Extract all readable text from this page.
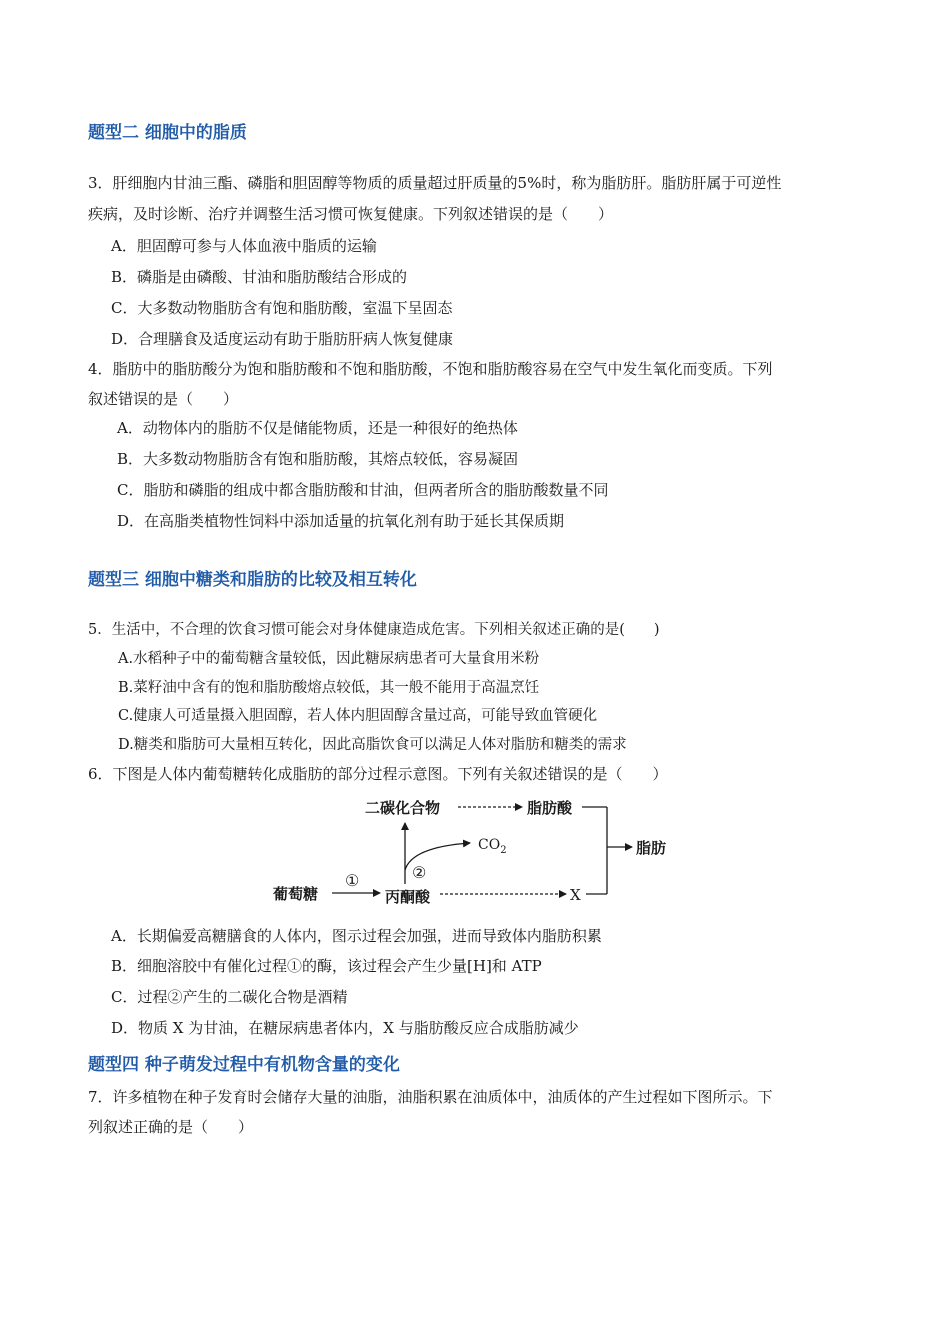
题型二 细胞中的脂质
3．肝细胞内甘油三酯、磷脂和胆固醇等物质的质量超过肝质量的5%时，称为脂肪肝。脂肪肝属于可逆性
疾病，及时诊断、治疗并调整生活习惯可恢复健康。下列叙述错误的是（　　）
A．胆固醇可参与人体血液中脂质的运输
B．磷脂是由磷酸、甘油和脂肪酸结合形成的
C．大多数动物脂肪含有饱和脂肪酸，室温下呈固态
D．合理膳食及适度运动有助于脂肪肝病人恢复健康
4．脂肪中的脂肪酸分为饱和脂肪酸和不饱和脂肪酸，不饱和脂肪酸容易在空气中发生氧化而变质。下列
叙述错误的是（　　）
A．动物体内的脂肪不仅是储能物质，还是一种很好的绝热体
B．大多数动物脂肪含有饱和脂肪酸，其熔点较低，容易凝固
C．脂肪和磷脂的组成中都含脂肪酸和甘油，但两者所含的脂肪酸数量不同
D．在高脂类植物性饲料中添加适量的抗氧化剂有助于延长其保质期
题型三 细胞中糖类和脂肪的比较及相互转化
5．生活中，不合理的饮食习惯可能会对身体健康造成危害。下列相关叙述正确的是(　　)
A.水稻种子中的葡萄糖含量较低，因此糖尿病患者可大量食用米粉
B.菜籽油中含有的饱和脂肪酸熔点较低，其一般不能用于高温烹饪
C.健康人可适量摄入胆固醇，若人体内胆固醇含量过高，可能导致血管硬化
D.糖类和脂肪可大量相互转化，因此高脂饮食可以满足人体对脂肪和糖类的需求
6．下图是人体内葡萄糖转化成脂肪的部分过程示意图。下列有关叙述错误的是（　　）
二碳化合物	脂肪酸
$CO_2$
②
①
脂肪
葡萄糖	丙酮酸	X
A．长期偏爱高糖膳食的人体内，图示过程会加强，进而导致体内脂肪积累
B．细胞溶胶中有催化过程①的酶，该过程会产生少量[H]和 ATP
C．过程②产生的二碳化合物是酒精
D．物质 X 为甘油，在糖尿病患者体内，X 与脂肪酸反应合成脂肪减少
题型四 种子萌发过程中有机物含量的变化
7．许多植物在种子发育时会储存大量的油脂，油脂积累在油质体中，油质体的产生过程如下图所示。下
列叙述正确的是（　　）
